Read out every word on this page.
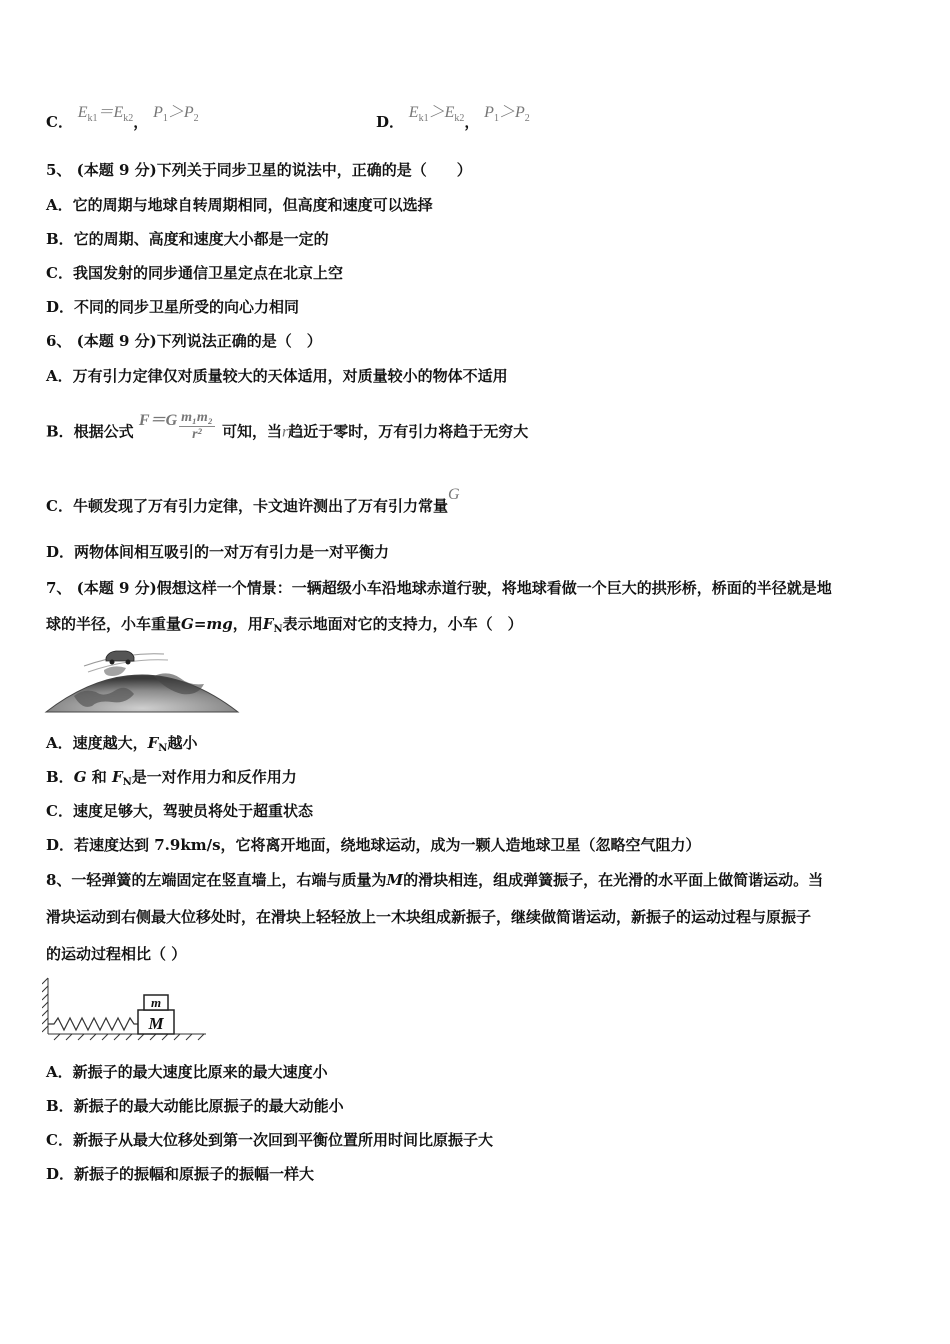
C． $E_{k1}=E_{k2}$， $P_1>P_2$	D． $E_{k1}>E_{k2}$， $P_1>P_2$
5、 (本题 9 分)下列关于同步卫星的说法中，正确的是（　　）
A．它的周期与地球自转周期相同，但高度和速度可以选择
B．它的周期、高度和速度大小都是一定的
C．我国发射的同步通信卫星定点在北京上空
D．不同的同步卫星所受的向心力相同
6、 (本题 9 分)下列说法正确的是（　）
A．万有引力定律仅对质量较大的天体适用，对质量较小的物体不适用
B．根据公式 $F=G \frac{\text{m₁m₂}}{\text{r²}}$ 可知，当r趋近于零时，万有引力将趋于无穷大
C．牛顿发现了万有引力定律，卡文迪许测出了万有引力常量G
D．两物体间相互吸引的一对万有引力是一对平衡力
7、 (本题 9 分)假想这样一个情景：一辆超级小车沿地球赤道行驶，将地球看做一个巨大的拱形桥，桥面的半径就是地
球的半径，小车重量G=mg，用$F_N$表示地面对它的支持力，小车（　）
A．速度越大，$F_N$越小
B．G 和 $F_N$是一对作用力和反作用力
C．速度足够大，驾驶员将处于超重状态
D．若速度达到 7.9km/s，它将离开地面，绕地球运动，成为一颗人造地球卫星（忽略空气阻力）
8、一轻弹簧的左端固定在竖直墙上，右端与质量为M的滑块相连，组成弹簧振子，在光滑的水平面上做简谐运动。当
滑块运动到右侧最大位移处时，在滑块上轻轻放上一木块组成新振子，继续做简谐运动，新振子的运动过程与原振子
的运动过程相比（ ）
m
M
A．新振子的最大速度比原来的最大速度小
B．新振子的最大动能比原振子的最大动能小
C．新振子从最大位移处到第一次回到平衡位置所用时间比原振子大
D．新振子的振幅和原振子的振幅一样大
